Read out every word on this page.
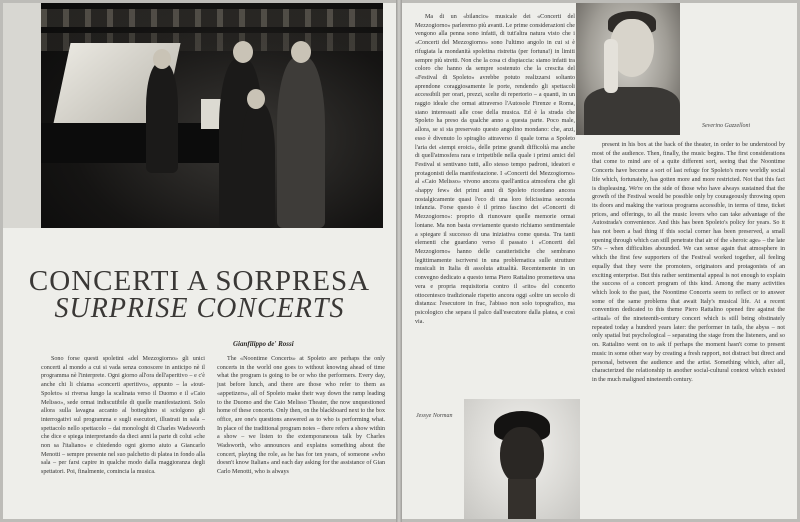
CONCERTI A SORPRESA
SURPRISE CONCERTS
Gianfilippo de' Rossi

Sono forse questi spoletini «del Mezzogiorno» gli unici concerti al mondo a cui si vada senza conoscere in anticipo nè il programma nè l'interprete. Ogni giorno all'ora dell'aperitivo – e c'è anche chi li chiama «concerti aperitivo», appunto – la «tout-Spoleto» si riversa lungo la scalinata verso il Duomo e il «Caio Melisso», sede ormai indiscutibile di quelle manifestazioni. Solo allora sulla lavagna accanto al botteghino si sciolgono gli interrogativi sul programma e sugli esecutori, illustrati in sala – spettacolo nello spettacolo – dai monologhi di Charles Wadsworth che dice e spiega interpretando da dieci anni la parte di colui «che non sa l'italiano» e chiedendo ogni giorno aiuto a Giancarlo Menotti – sempre presente nel suo palchetto di platea in fondo alla sala – per farsi capire in qualche modo dalla maggioranza degli spettatori. Poi, finalmente, comincia la musica.

The «Noontime Concerts» at Spoleto are perhaps the only concerts in the world one goes to without knowing ahead of time what the program is going to be or who the performers. Every day, just before lunch, and there are those who refer to them as «appetizers», all of Spoleto make their way down the ramp leading to the Duomo and the Caio Melisso Theater, the now unquestioned home of these concerts. Only then, on the blackboard next to the box office, are one's questions answered as to who is performing what. In place of the traditional program notes – there refers a show within a show – we listen to the extemporaneous talk by Charles Wadsworth, who announces and explains something about the concert, playing the role, as he has for ten years, of someone «who doesn't know Italian» and each day asking for the assistance of Gian Carlo Menotti, who is always

Ma di un «bilancio» musicale dei «Concerti del Mezzogiorno» parleremo più avanti. Le prime considerazioni che vengono alla penna sono infatti, di tutt'altra natura visto che i «Concerti del Mezzogiorno» sono l'ultimo angolo in cui si è rifugiata la mondanità spoletina ristretta (per fortuna!) in limiti sempre più stretti. Non che la cosa ci dispiaccia: siamo infatti tra coloro che hanno da sempre sostenuto che la crescita del «Festival di Spoleto» avrebbe potuto realizzarsi soltanto aprendone coraggiosamente le porte, rendendo gli spettacoli accessibili per orari, prezzi, scelte di repertorio – a quanti, in un raggio ideale che ormai attraverso l'Autosole Firenze e Roma, siano interessati alle cose della musica. Ed è la strada che Spoleto ha preso da qualche anno a questa parte. Poco male, allora, se si sta preservato questo angolino mondano: che, anzi, esso è divenuto lo spiraglio attraverso il quale torna a Spoleto l'aria dei «tempi eroici», delle prime grandi difficoltà ma anche di quell'atmosfera rara e irripetibile nella quale i primi amici del Festival si sentivano tutti, allo stesso tempo padroni, ideatori e protagonisti della manifestazione. I «Concerti del Mezzogiorno» al «Caio Melisso» vivono ancora quell'antica atmosfera che gli «happy few» dei primi anni di Spoleto ricordano ancora nostalgicamente quasi l'eco di una loro felicissima seconda infanzia. Forse questo è il primo fascino dei «Concerti di Mezzogiorno»: proprio di riunovare quelle memorie ormai lontane. Ma non basta ovviamente questo richiamo sentimentale a spiegare il successo di una iniziativa come questa. Tra tanti elementi che guardano verso il passato i «Concerti del Mezzogiorno» hanno delle caratteristiche che sembrano legittimamente iscriversi in una problematica sulle strutture musicali in Italia di assoluta attualità. Recentemente in un convegno dedicato a questo tema Piero Rattalino prometteva una vera e propria requisitoria contro il «rito» del concerto ottocentesco tradizionale rispetto ancora oggi «oltre un secolo di distanza: l'esecutore in frac, l'abisso non solo topografico, ma psicologico che separa il palco dall'esecutore dalla platea, e così via.

Severino Gazzelloni

present in his box at the back of the theater, in order to be understood by most of the audience. Then, finally, the music begins. The first considerations that come to mind are of a quite different sort, seeing that the Noontime Concerts have become a sort of last refuge for Spoleto's more worldly social life which, fortunately, has gotten more and more restricted. Not that this fact is displeasing. We're on the side of those who have always sustained that the growth of the Festival would be possible only by courageously throwing open its doors and making the various programs accessible, in terms of time, ticket prices, and offerings, to all the music lovers who can take advantage of the Autostrada's convenience. And this has been Spoleto's policy for years. So it has not been a bad thing if this social corner has been preserved, a small opening through which can still penetrate that air of the «heroic age» – the late 50's – when difficulties abounded. We can sense again that atmosphere in which the first few supporters of the Festival worked together, all feeling equally that they were the promoters, originators and protagonists of an exciting enterprise. But this rather sentimental appeal is not enough to explain the success of a concert program of this kind. Among the many activities which look to the past, the Noontime Concerts seem to reflect or to answer some of the same problems that await Italy's musical life. At a recent convention dedicated to this theme Piero Rattalino opened fire against the «ritual» of the nineteenth-century concert which is still being obstinately repeated today a hundred years later: the performer in tails, the abyss – not only spatial but psychological – separating the stage from the listeners, and so on. Rattalino went on to ask if perhaps the moment hasn't come to present music in some other way by creating a fresh rapport, not distract but direct and personal, between the audience and the artist. Something which, after all, characterized the relationship in another social-cultural context which existed in the much maligned nineteenth century.

Jessye Norman
